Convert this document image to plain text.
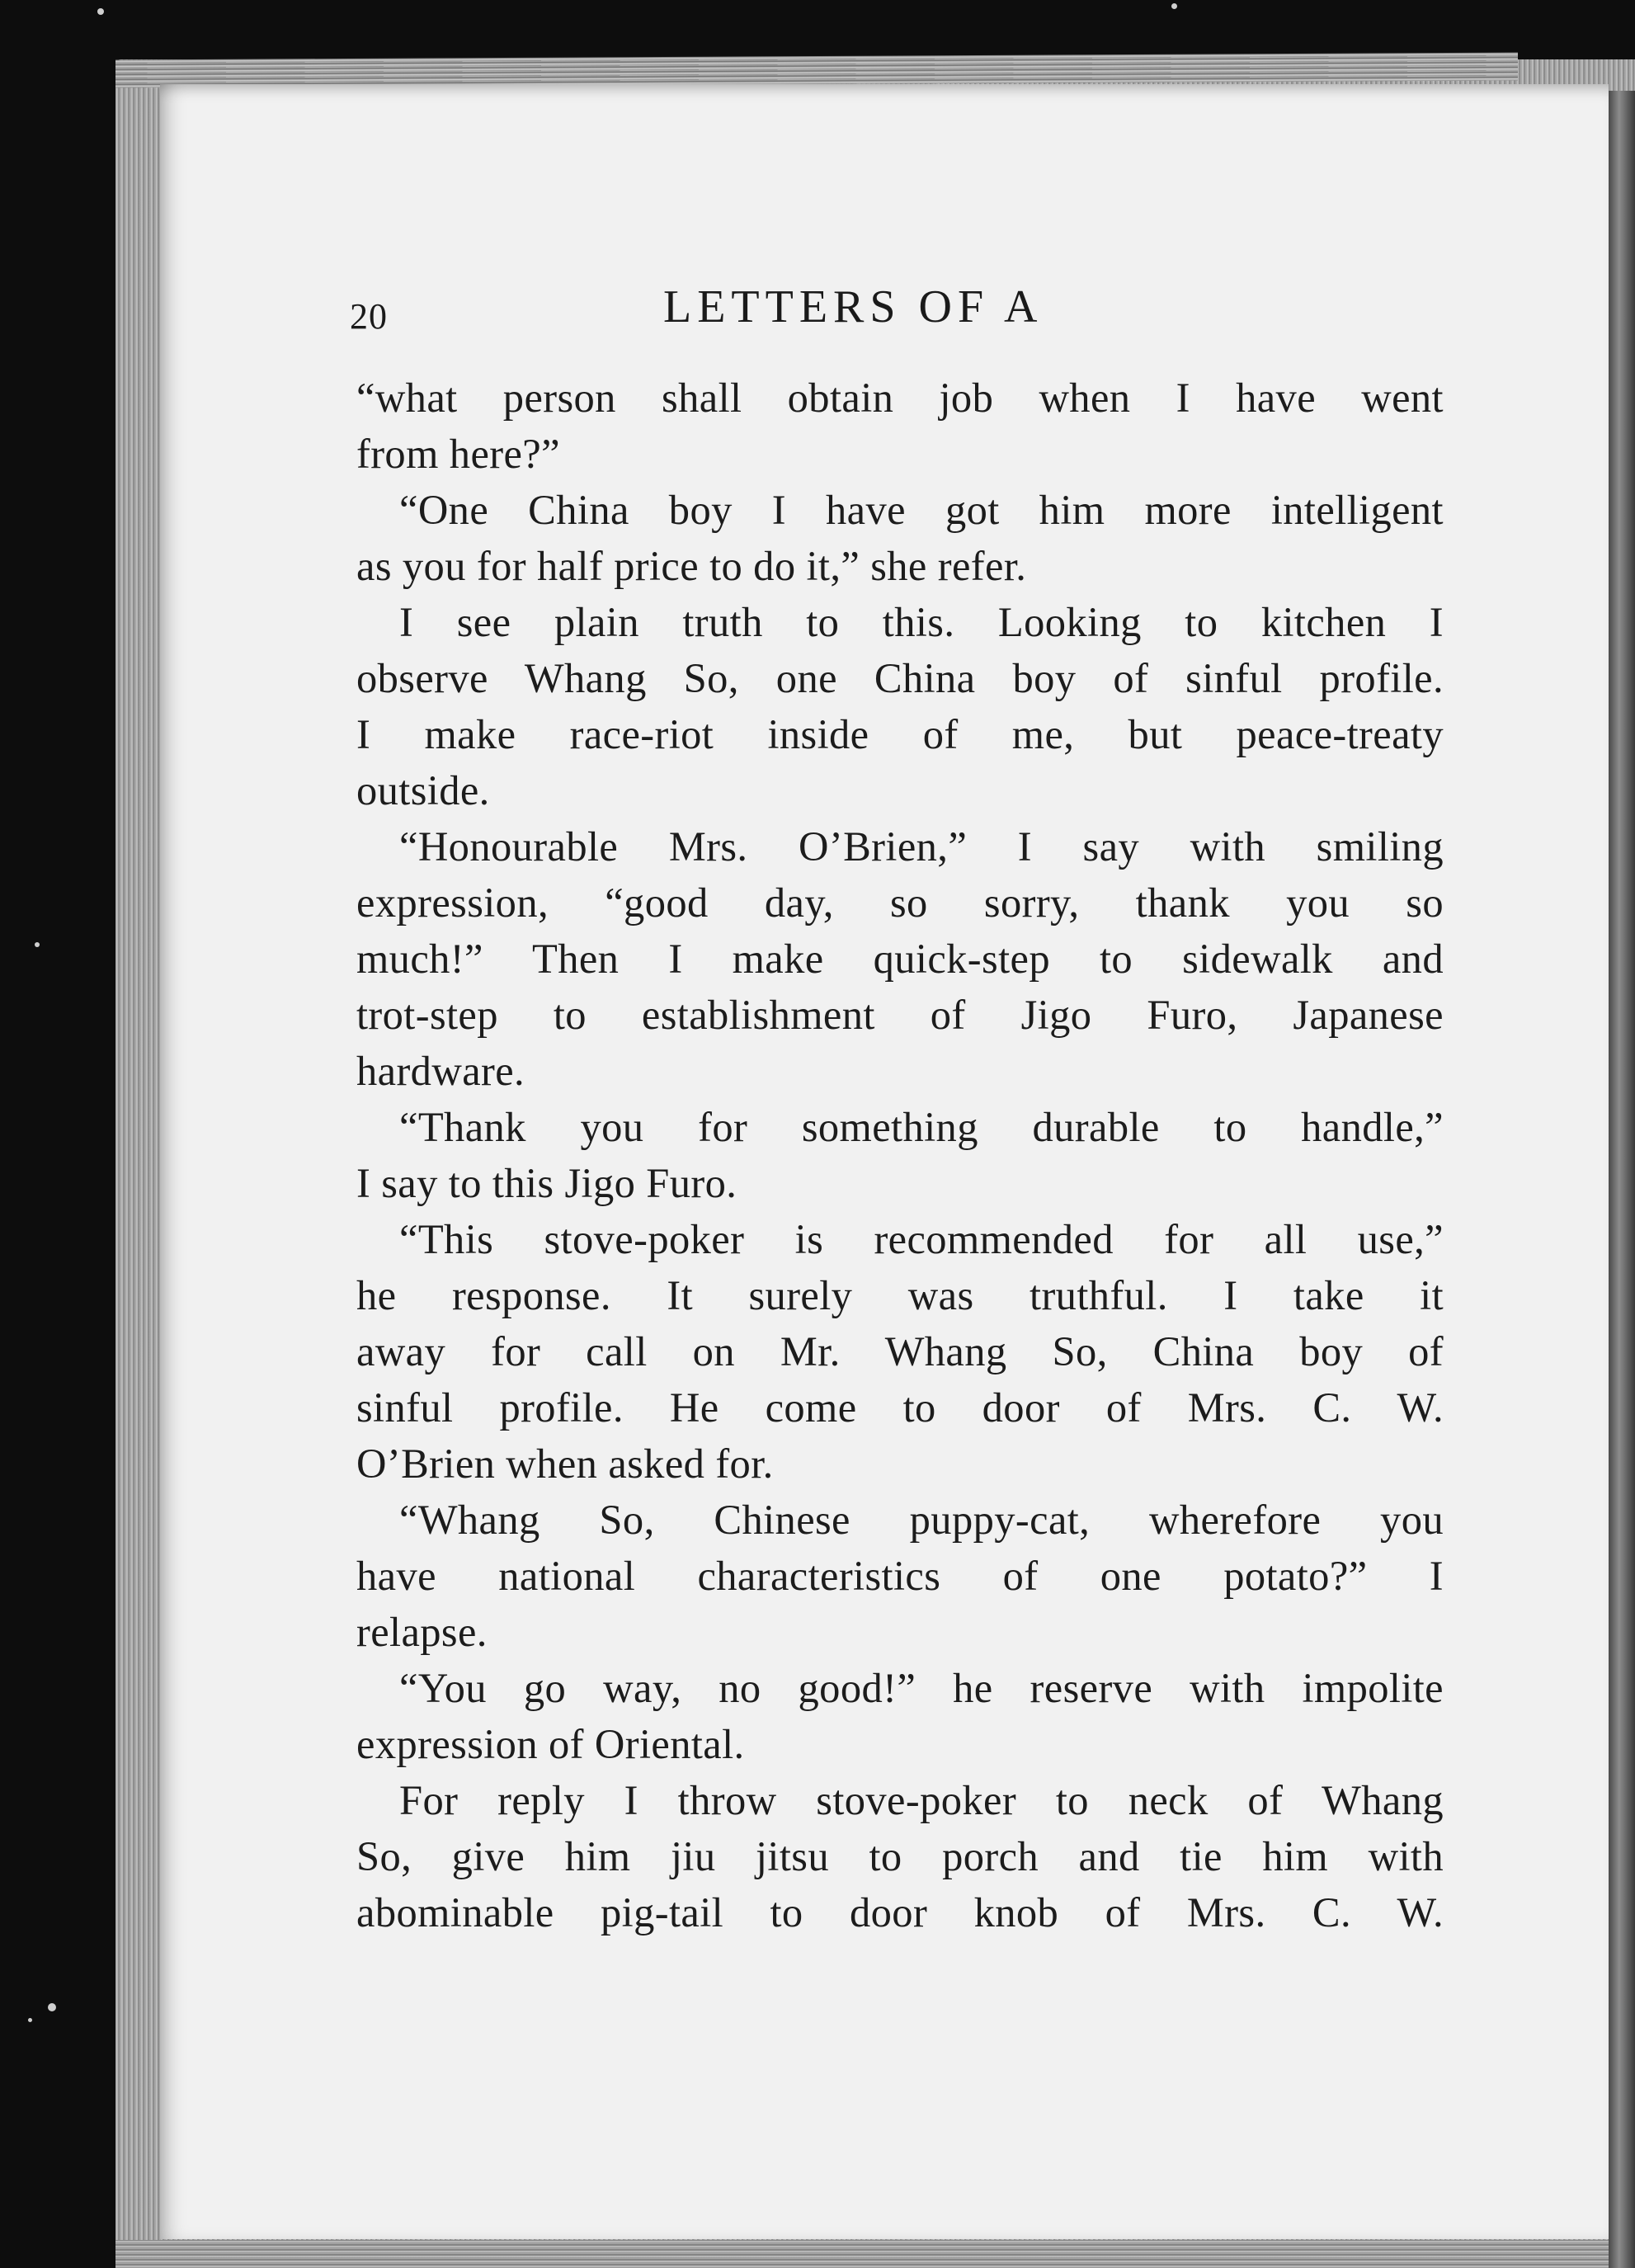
20	LETTERS OF A
“what person shall obtain job when I have went
from here?”
“One China boy I have got him more intelligent
as you for half price to do it,” she refer.
I see plain truth to this. Looking to kitchen I
observe Whang So, one China boy of sinful profile.
I make race-riot inside of me, but peace-treaty
outside.
“Honourable Mrs. O’Brien,” I say with smiling
expression, “good day, so sorry, thank you so
much!” Then I make quick-step to sidewalk and
trot-step to establishment of Jigo Furo, Japanese
hardware.
“Thank you for something durable to handle,”
I say to this Jigo Furo.
“This stove-poker is recommended for all use,”
he response. It surely was truthful. I take it
away for call on Mr. Whang So, China boy of
sinful profile. He come to door of Mrs. C. W.
O’Brien when asked for.
“Whang So, Chinese puppy-cat, wherefore you
have national characteristics of one potato?” I
relapse.
“You go way, no good!” he reserve with impolite
expression of Oriental.
For reply I throw stove-poker to neck of Whang
So, give him jiu jitsu to porch and tie him with
abominable pig-tail to door knob of Mrs. C. W.
